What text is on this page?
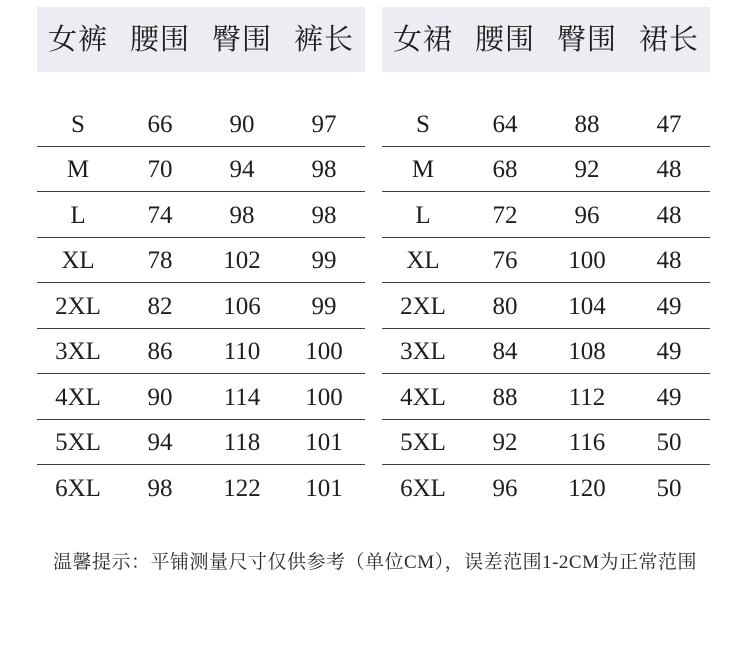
女裤 腰围 臀围 裤长
S	66	90	97
M	70	94	98
L	74	98	98
XL	78	102	99
2XL	82	106	99
3XL	86	110	100
4XL	90	114	100
5XL	94	118	101
6XL	98	122	101
女裙 腰围 臀围 裙长
S	64	88	47
M	68	92	48
L	72	96	48
XL	76	100	48
2XL	80	104	49
3XL	84	108	49
4XL	88	112	49
5XL	92	116	50
6XL	96	120	50
温馨提示：平铺测量尺寸仅供参考（单位CM），误差范围1-2CM为正常范围
